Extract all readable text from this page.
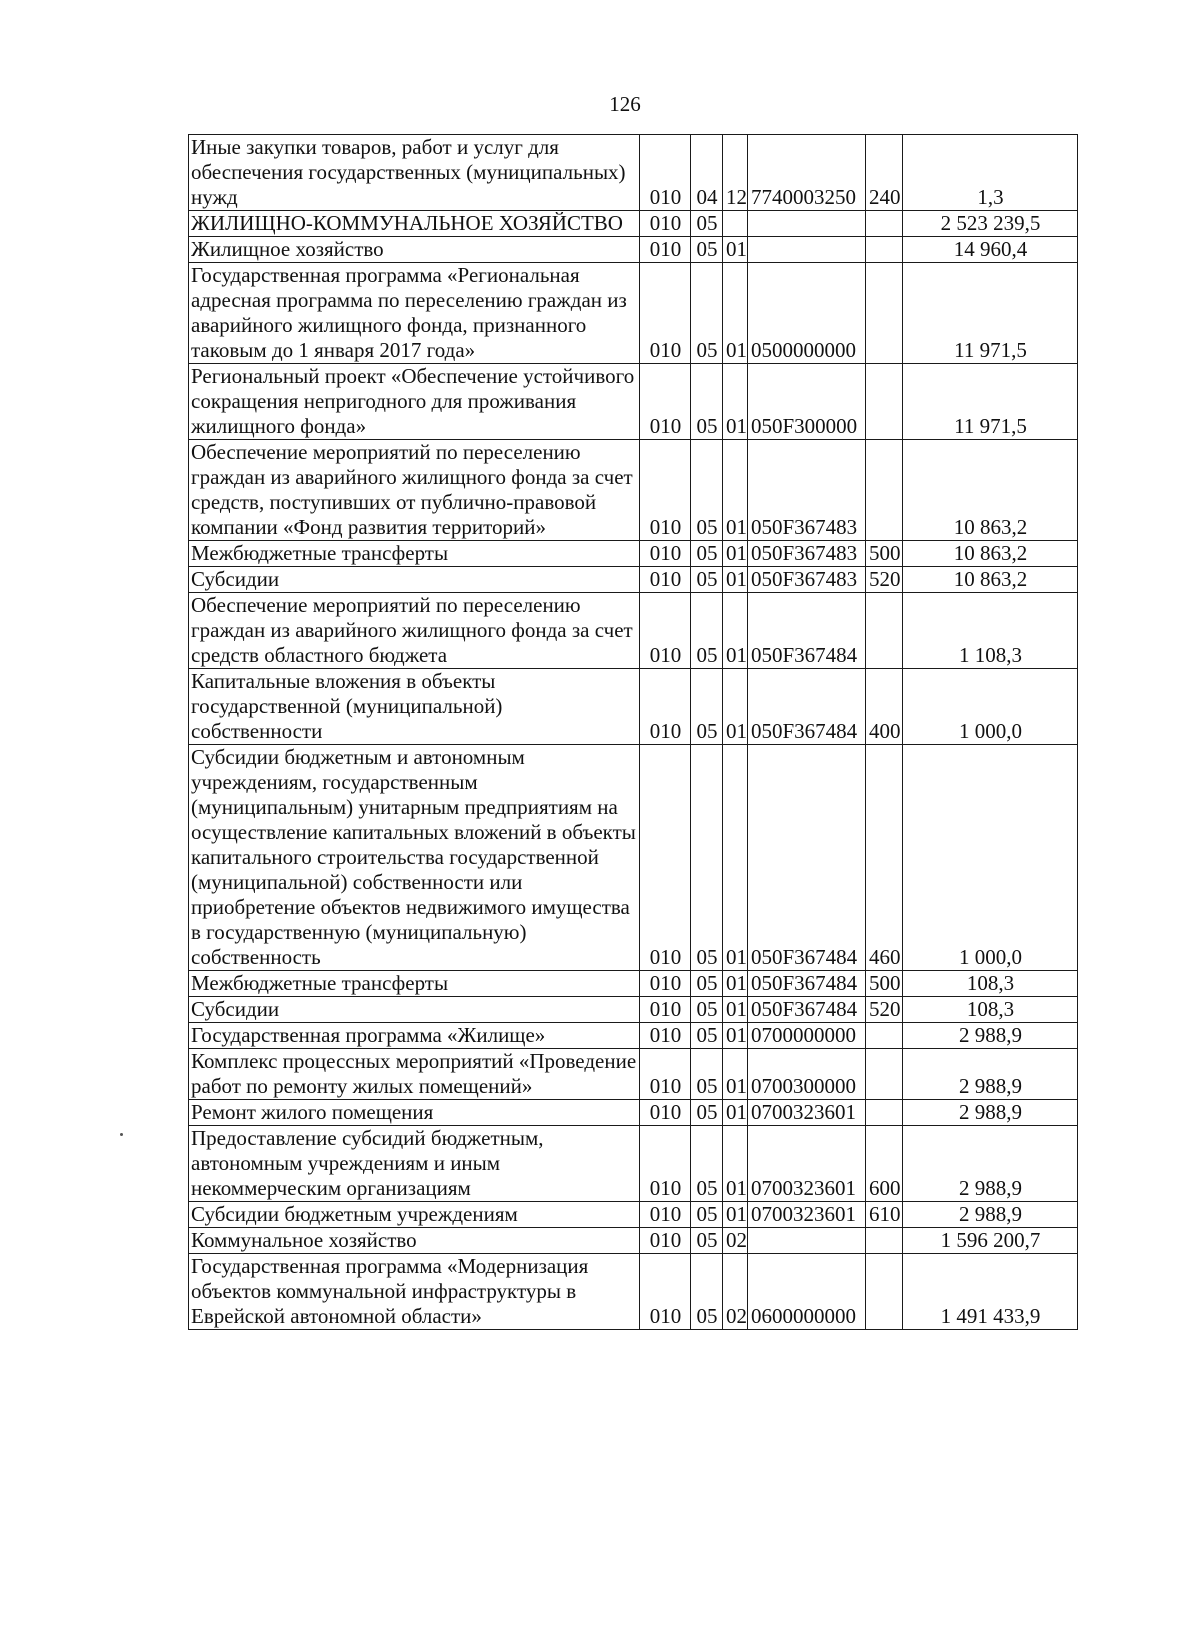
126
Иные закупки товаров, работ и услуг для обеспечения государственных (муниципальных) нужд	010	04	12	7740003250	240	1,3
ЖИЛИЩНО-КОММУНАЛЬНОЕ ХОЗЯЙСТВО	010	05				2 523 239,5
Жилищное хозяйство	010	05	01			14 960,4
Государственная программа «Региональная адресная программа по переселению граждан из аварийного жилищного фонда, признанного таковым до 1 января 2017 года»	010	05	01	0500000000		11 971,5
Региональный проект «Обеспечение устойчивого сокращения непригодного для проживания жилищного фонда»	010	05	01	050F300000		11 971,5
Обеспечение мероприятий по переселению граждан из аварийного жилищного фонда за счет средств, поступивших от публично-правовой компании «Фонд развития территорий»	010	05	01	050F367483		10 863,2
Межбюджетные трансферты	010	05	01	050F367483	500	10 863,2
Субсидии	010	05	01	050F367483	520	10 863,2
Обеспечение мероприятий по переселению граждан из аварийного жилищного фонда за счет средств областного бюджета	010	05	01	050F367484		1 108,3
Капитальные вложения в объекты государственной (муниципальной) собственности	010	05	01	050F367484	400	1 000,0
Субсидии бюджетным и автономным учреждениям, государственным (муниципальным) унитарным предприятиям на осуществление капитальных вложений в объекты капитального строительства государственной (муниципальной) собственности или приобретение объектов недвижимого имущества в государственную (муниципальную) собственность	010	05	01	050F367484	460	1 000,0
Межбюджетные трансферты	010	05	01	050F367484	500	108,3
Субсидии	010	05	01	050F367484	520	108,3
Государственная программа «Жилище»	010	05	01	0700000000		2 988,9
Комплекс процессных мероприятий «Проведение работ по ремонту жилых помещений»	010	05	01	0700300000		2 988,9
Ремонт жилого помещения	010	05	01	0700323601		2 988,9
Предоставление субсидий бюджетным, автономным учреждениям и иным некоммерческим организациям	010	05	01	0700323601	600	2 988,9
Субсидии бюджетным учреждениям	010	05	01	0700323601	610	2 988,9
Коммунальное хозяйство	010	05	02			1 596 200,7
Государственная программа «Модернизация объектов коммунальной инфраструктуры в Еврейской автономной области»	010	05	02	0600000000		1 491 433,9
